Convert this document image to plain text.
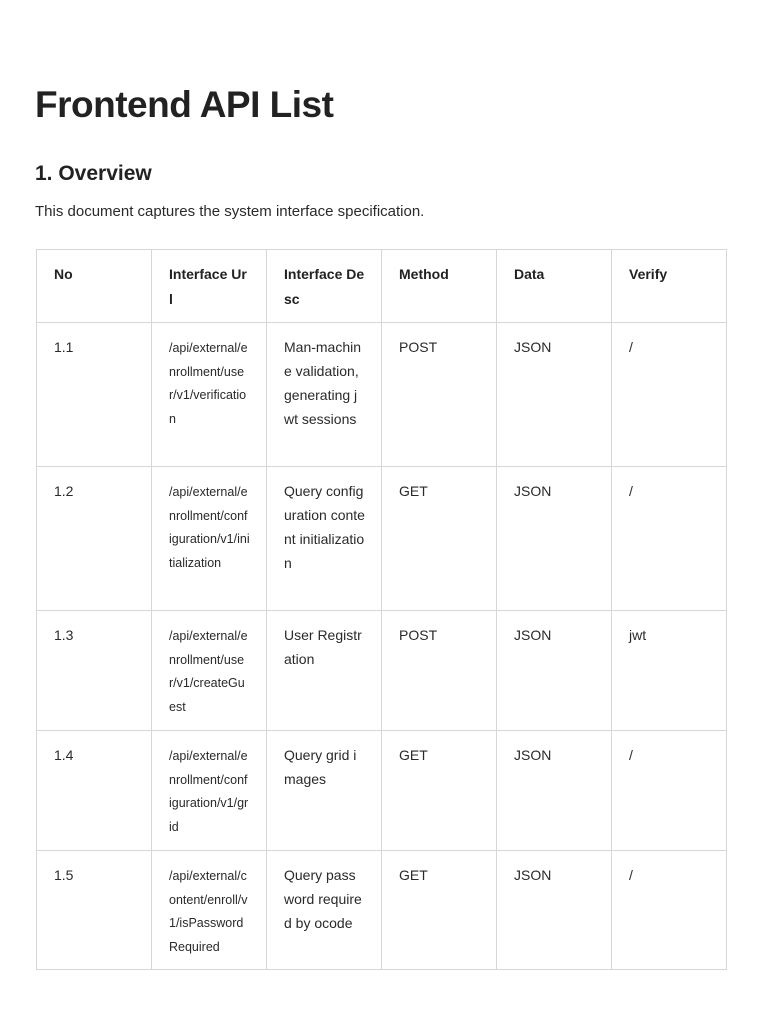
Frontend API List
1. Overview

This document captures the system interface specification.

No	Interface Url	Interface Desc	Method	Data	Verify
1.1	/api/external/enrollment/user/v1/verification	Man-machine validation, generating jwt sessions	POST	JSON	/
1.2	/api/external/enrollment/configuration/v1/initialization	Query configuration content initialization	GET	JSON	/
1.3	/api/external/enrollment/user/v1/createGuest	User Registration	POST	JSON	jwt
1.4	/api/external/enrollment/configuration/v1/grid	Query grid images	GET	JSON	/
1.5	/api/external/content/enroll/v1/isPasswordRequired	Query password required by ocode	GET	JSON	/
